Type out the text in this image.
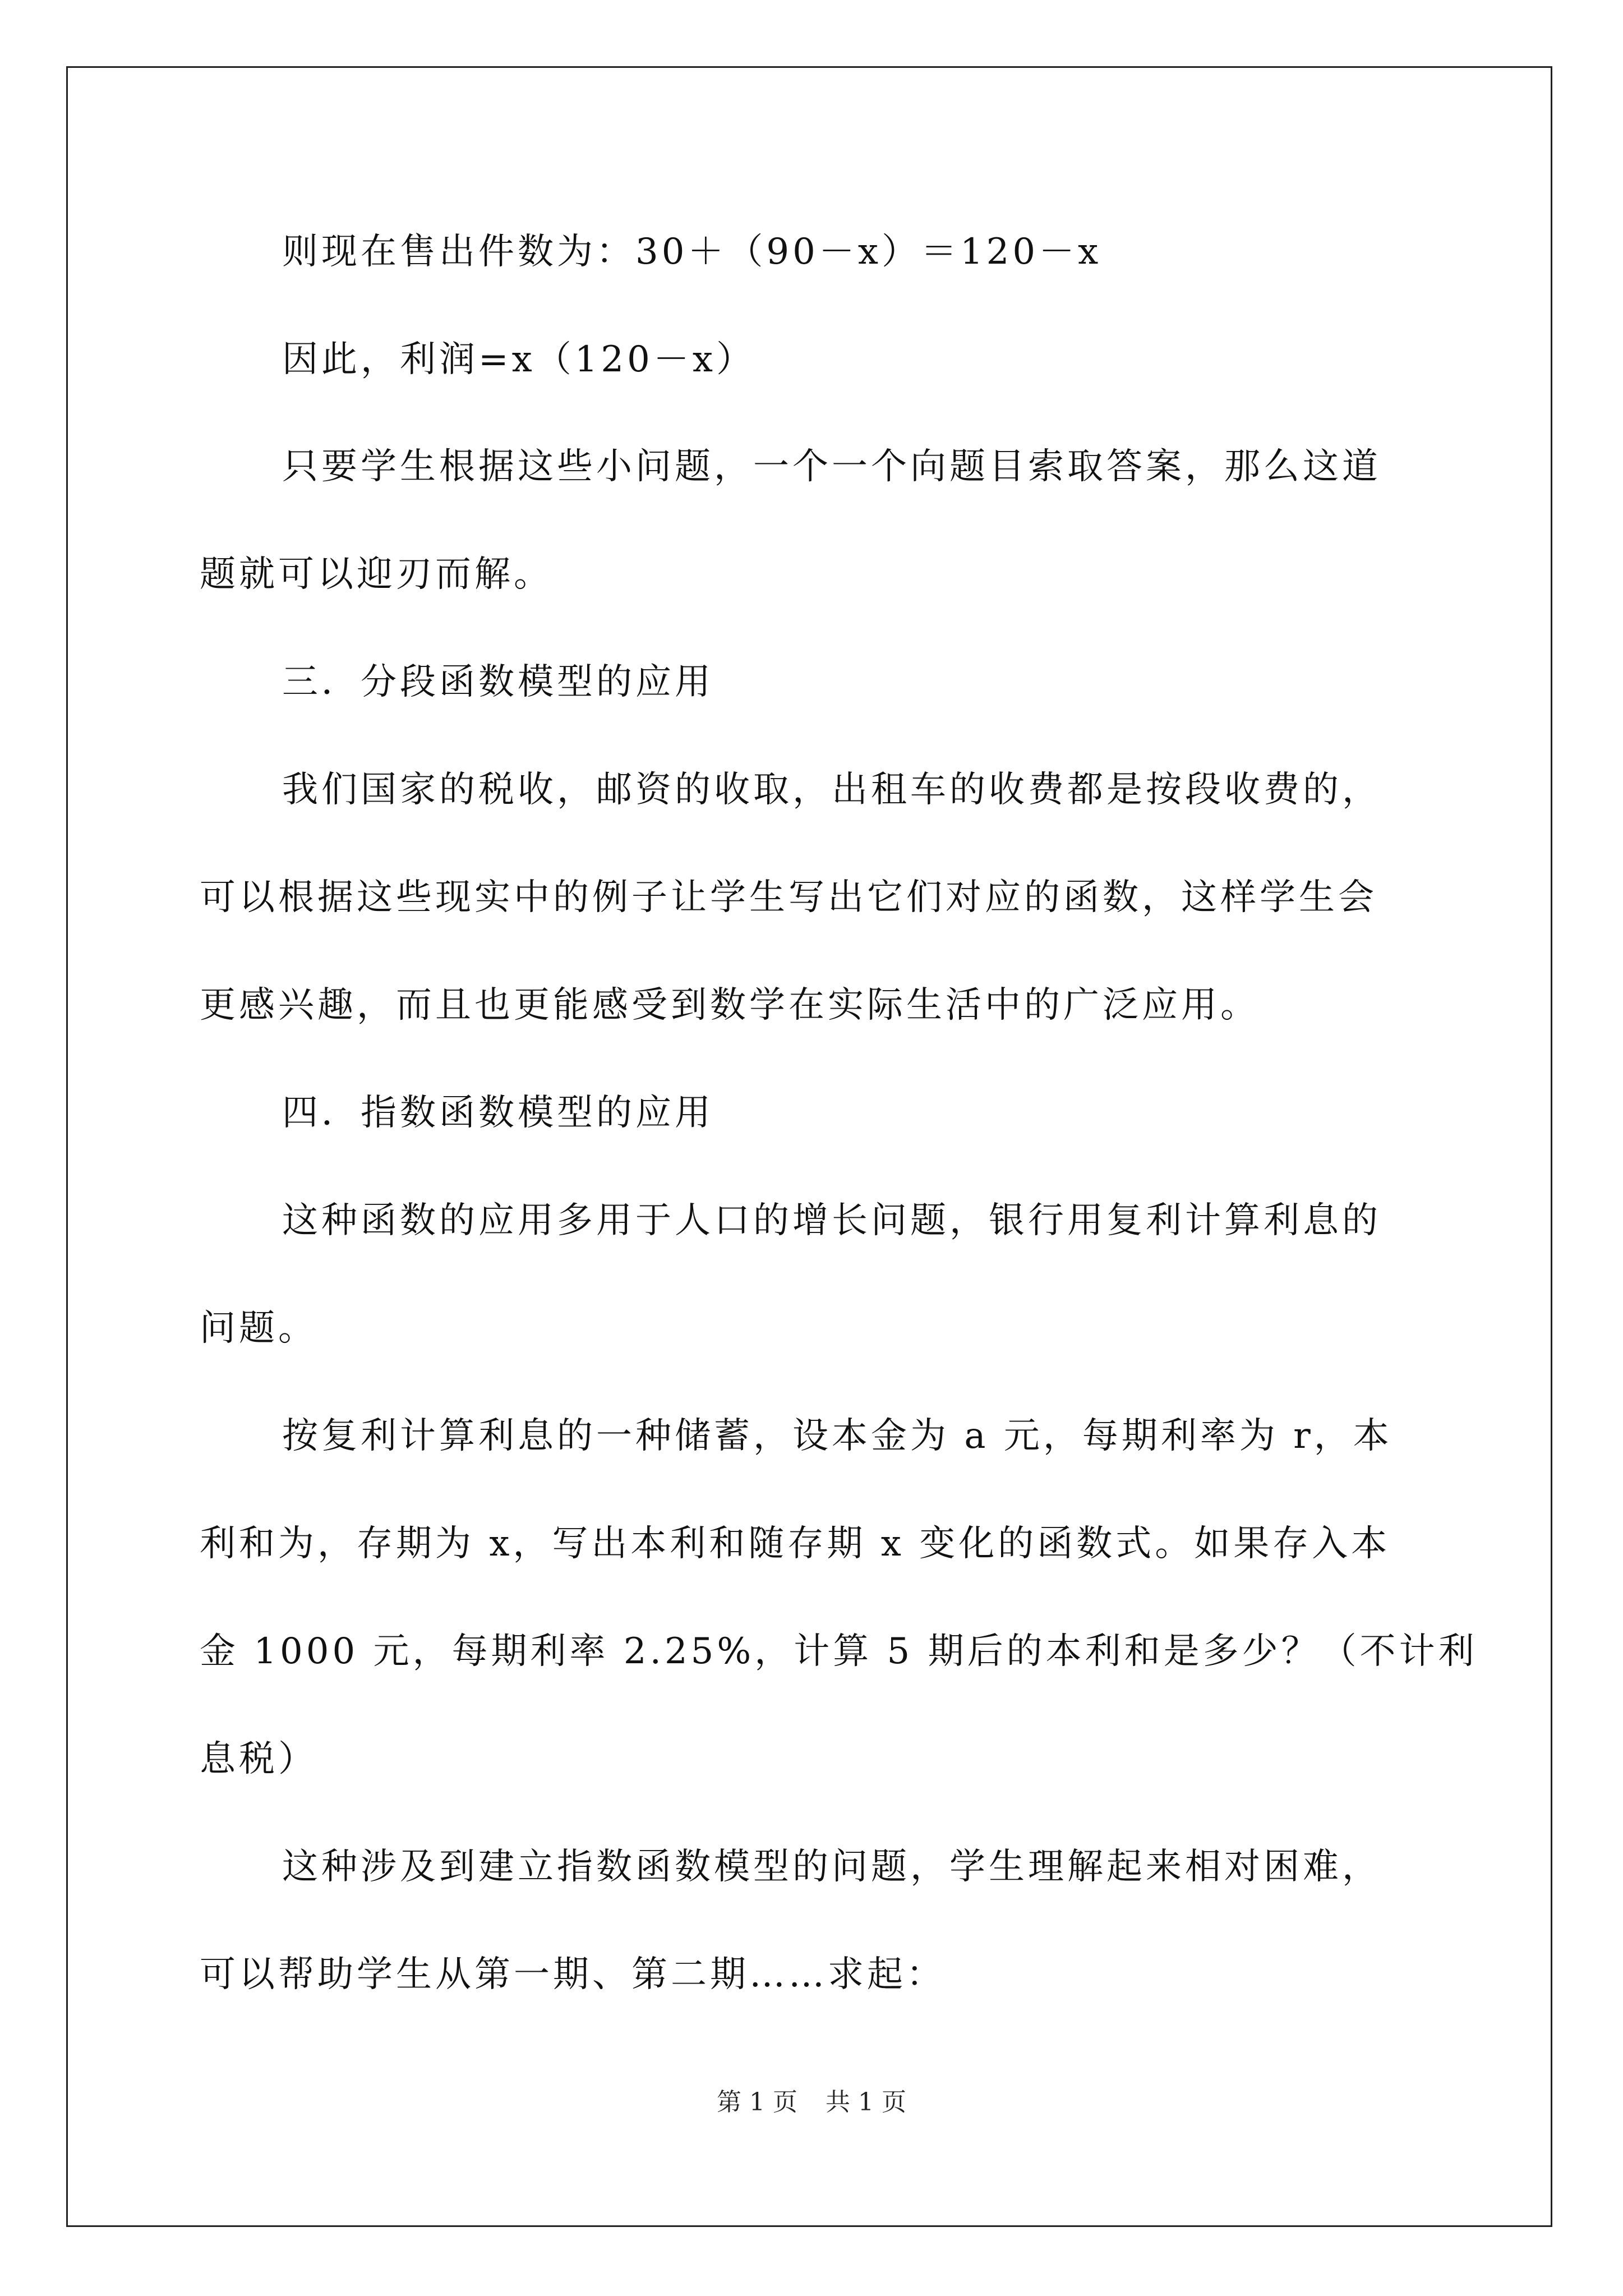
则现在售出件数为：30＋（90－x）＝120－x

因此，利润=x（120－x）

只要学生根据这些小问题，一个一个向题目索取答案，那么这道

题就可以迎刃而解。

三．分段函数模型的应用

我们国家的税收，邮资的收取，出租车的收费都是按段收费的，

可以根据这些现实中的例子让学生写出它们对应的函数，这样学生会

更感兴趣，而且也更能感受到数学在实际生活中的广泛应用。

四．指数函数模型的应用

这种函数的应用多用于人口的增长问题，银行用复利计算利息的

问题。

按复利计算利息的一种储蓄，设本金为 a 元，每期利率为 r，本

利和为，存期为 x，写出本利和随存期 x 变化的函数式。如果存入本

金 1000 元，每期利率 2.25%，计算 5 期后的本利和是多少？（不计利

息税）

这种涉及到建立指数函数模型的问题，学生理解起来相对困难，

可以帮助学生从第一期、第二期……求起：

第 1 页 共 1 页
